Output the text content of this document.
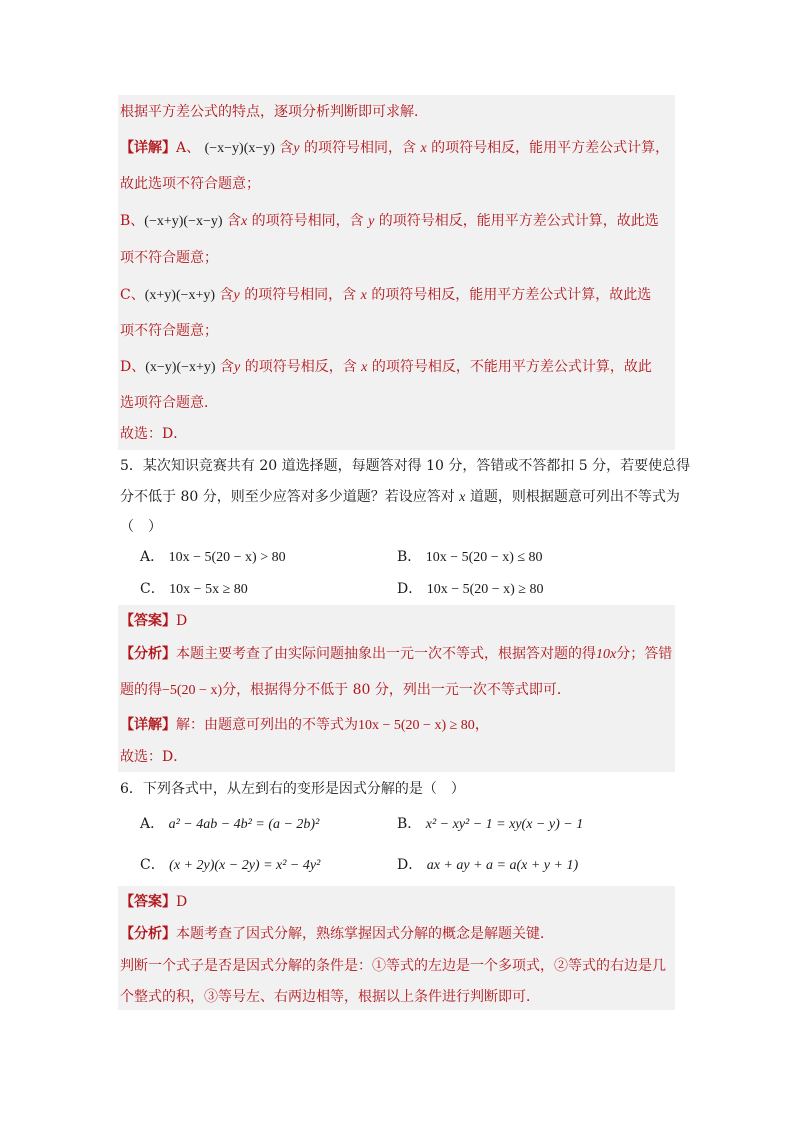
根据平方差公式的特点，逐项分析判断即可求解．
【详解】A、 (−x−y)(x−y) 含y 的项符号相同，含 x 的项符号相反，能用平方差公式计算，
故此选项不符合题意；
B、(−x+y)(−x−y) 含x 的项符号相同，含 y 的项符号相反，能用平方差公式计算，故此选
项不符合题意；
C、(x+y)(−x+y) 含y 的项符号相同，含 x 的项符号相反，能用平方差公式计算，故此选
项不符合题意；
D、(x−y)(−x+y) 含y 的项符号相反，含 x 的项符号相反，不能用平方差公式计算，故此
选项符合题意．
故选：D．
5．某次知识竞赛共有 20 道选择题，每题答对得 10 分，答错或不答都扣 5 分，若要使总得
分不低于 80 分，则至少应答对多少道题？若设应答对 x 道题，则根据题意可列出不等式为
（　）
A． 10x − 5(20 − x) > 80	B． 10x − 5(20 − x) ≤ 80
C． 10x − 5x ≥ 80	D． 10x − 5(20 − x) ≥ 80
【答案】D
【分析】本题主要考查了由实际问题抽象出一元一次不等式，根据答对题的得10x分；答错
题的得−5(20 − x)分，根据得分不低于 80 分，列出一元一次不等式即可．
【详解】解：由题意可列出的不等式为10x − 5(20 − x) ≥ 80，
故选：D．
6．下列各式中，从左到右的变形是因式分解的是（　）
A． a² − 4ab − 4b² = (a − 2b)²	B． x² − xy² − 1 = xy(x − y) − 1
C． (x + 2y)(x − 2y) = x² − 4y²	D． ax + ay + a = a(x + y + 1)
【答案】D
【分析】本题考查了因式分解，熟练掌握因式分解的概念是解题关键．
判断一个式子是否是因式分解的条件是：①等式的左边是一个多项式，②等式的右边是几
个整式的积，③等号左、右两边相等，根据以上条件进行判断即可．
